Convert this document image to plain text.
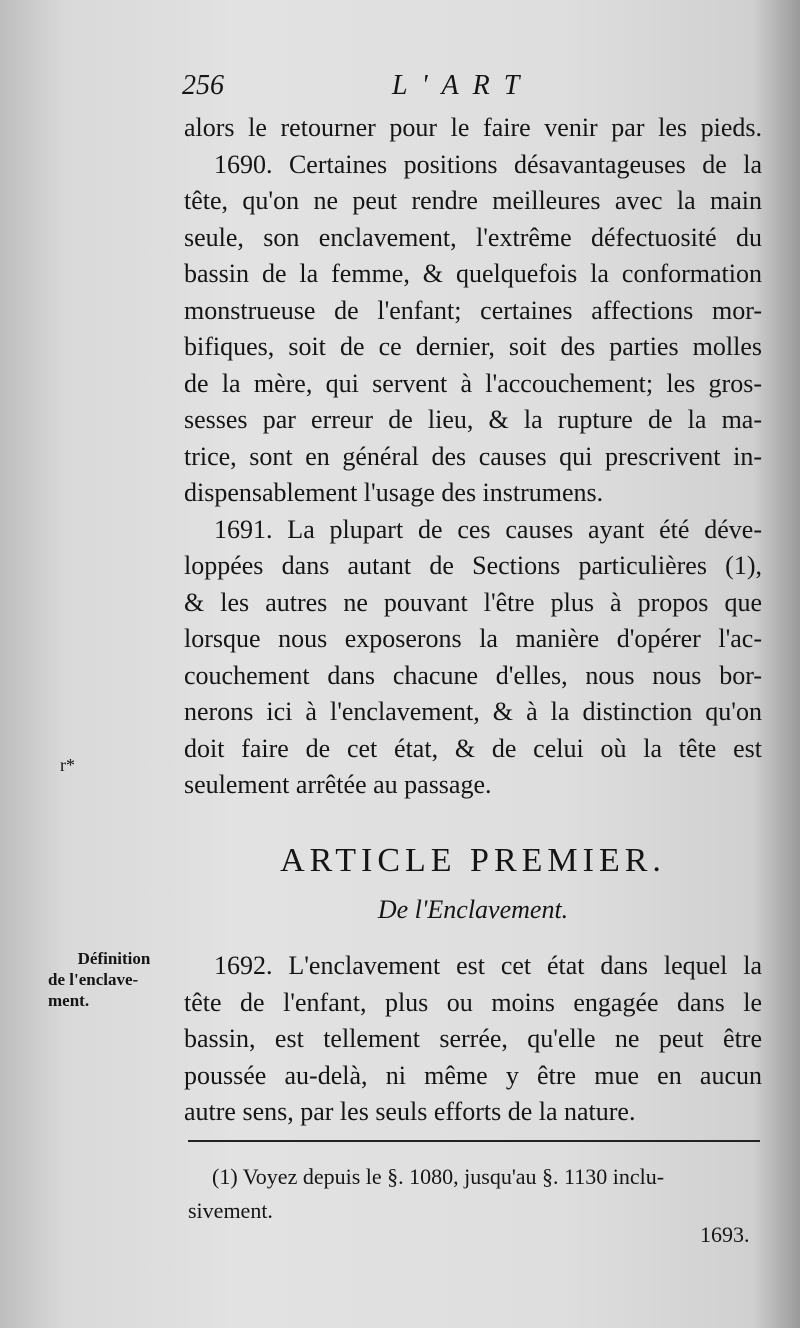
256	L'ART
alors le retourner pour le faire venir par les pieds.
1690. Certaines positions désavantageuses de la
tête, qu'on ne peut rendre meilleures avec la main
seule, son enclavement, l'extrême défectuosité du
bassin de la femme, & quelquefois la conformation
monstrueuse de l'enfant; certaines affections mor-
bifiques, soit de ce dernier, soit des parties molles
de la mère, qui servent à l'accouchement; les gros-
sesses par erreur de lieu, & la rupture de la ma-
trice, sont en général des causes qui prescrivent in-
dispensablement l'usage des instrumens.
1691. La plupart de ces causes ayant été déve-
loppées dans autant de Sections particulières (1),
& les autres ne pouvant l'être plus à propos que
lorsque nous exposerons la manière d'opérer l'ac-
couchement dans chacune d'elles, nous nous bor-
nerons ici à l'enclavement, & à la distinction qu'on
doit faire de cet état, & de celui où la tête est
seulement arrêtée au passage.
r*
ARTICLE PREMIER.
De l'Enclavement.
Définition
de l'enclave-
ment.
1692. L'enclavement est cet état dans lequel la
tête de l'enfant, plus ou moins engagée dans le
bassin, est tellement serrée, qu'elle ne peut être
poussée au-delà, ni même y être mue en aucun
autre sens, par les seuls efforts de la nature.
(1) Voyez depuis le §. 1080, jusqu'au §. 1130 inclu-
sivement.
1693.
